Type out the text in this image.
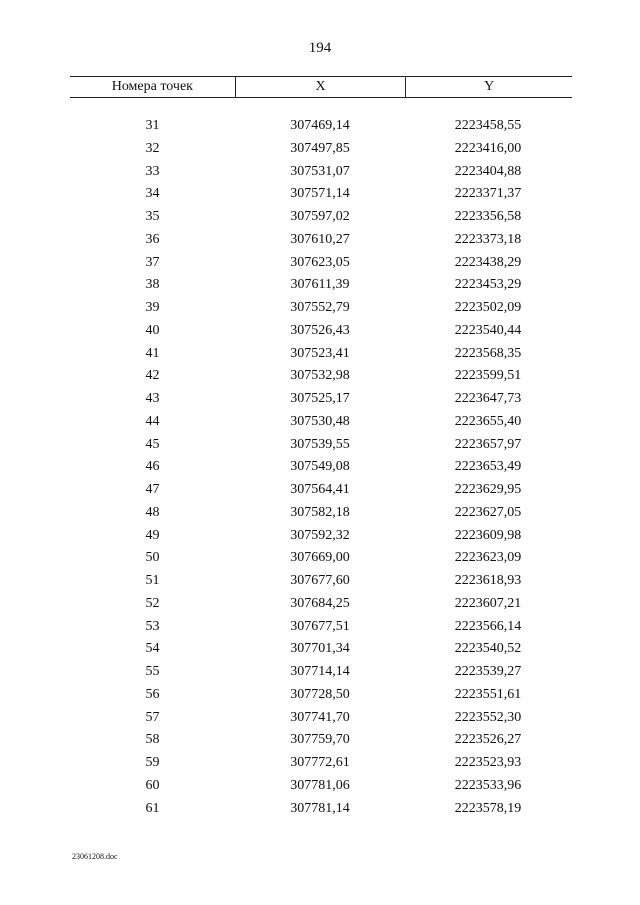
194
Номера точек	X	Y
31	307469,14	2223458,55
32	307497,85	2223416,00
33	307531,07	2223404,88
34	307571,14	2223371,37
35	307597,02	2223356,58
36	307610,27	2223373,18
37	307623,05	2223438,29
38	307611,39	2223453,29
39	307552,79	2223502,09
40	307526,43	2223540,44
41	307523,41	2223568,35
42	307532,98	2223599,51
43	307525,17	2223647,73
44	307530,48	2223655,40
45	307539,55	2223657,97
46	307549,08	2223653,49
47	307564,41	2223629,95
48	307582,18	2223627,05
49	307592,32	2223609,98
50	307669,00	2223623,09
51	307677,60	2223618,93
52	307684,25	2223607,21
53	307677,51	2223566,14
54	307701,34	2223540,52
55	307714,14	2223539,27
56	307728,50	2223551,61
57	307741,70	2223552,30
58	307759,70	2223526,27
59	307772,61	2223523,93
60	307781,06	2223533,96
61	307781,14	2223578,19
23061208.doc
